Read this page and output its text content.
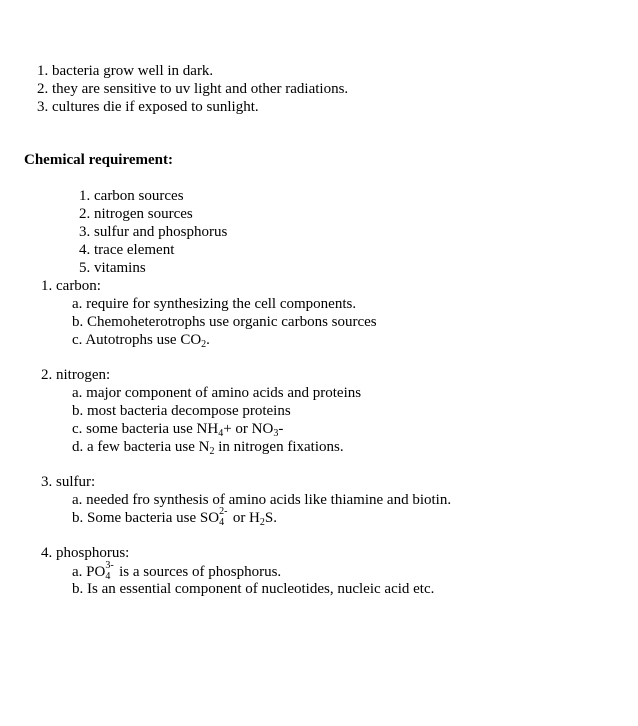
1. bacteria grow well in dark.
2. they are sensitive to uv light and other radiations.
3. cultures die if exposed to sunlight.
Chemical requirement:
1. carbon sources
2. nitrogen sources
3. sulfur and phosphorus
4. trace element
5. vitamins
1. carbon:
a. require for synthesizing the cell components.
b. Chemoheterotrophs use organic carbons sources
c. Autotrophs use $CO_2$.
2. nitrogen:
a. major component of amino acids and proteins
b. most bacteria decompose proteins
c. some bacteria use $NH_4+$ or $NO_3-$
d. a few bacteria use $N_2$ in nitrogen fixations.
3. sulfur:
a. needed fro synthesis of amino acids like thiamine and biotin.
b. Some bacteria use SO 2-
4 or $H_2S$.
4. phosphorus:
a. PO 3-
4 is a sources of phosphorus.
b. Is an essential component of nucleotides, nucleic acid etc.
